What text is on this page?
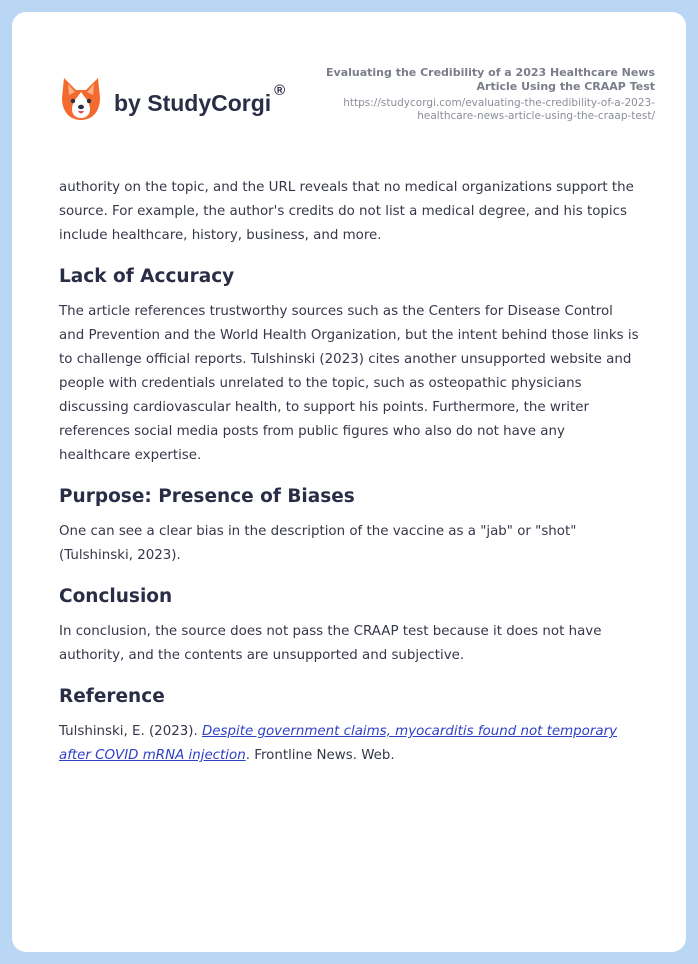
by StudyCorgi ®
Evaluating the Credibility of a 2023 Healthcare News Article Using the CRAAP Test
https://studycorgi.com/evaluating-the-credibility-of-a-2023-healthcare-news-article-using-the-craap-test/

authority on the topic, and the URL reveals that no medical organizations support the source. For example, the author's credits do not list a medical degree, and his topics include healthcare, history, business, and more.

Lack of Accuracy

The article references trustworthy sources such as the Centers for Disease Control and Prevention and the World Health Organization, but the intent behind those links is to challenge official reports. Tulshinski (2023) cites another unsupported website and people with credentials unrelated to the topic, such as osteopathic physicians discussing cardiovascular health, to support his points. Furthermore, the writer references social media posts from public figures who also do not have any healthcare expertise.

Purpose: Presence of Biases

One can see a clear bias in the description of the vaccine as a "jab" or "shot" (Tulshinski, 2023).

Conclusion

In conclusion, the source does not pass the CRAAP test because it does not have authority, and the contents are unsupported and subjective.

Reference

Tulshinski, E. (2023). Despite government claims, myocarditis found not temporary after COVID mRNA injection. Frontline News. Web.
